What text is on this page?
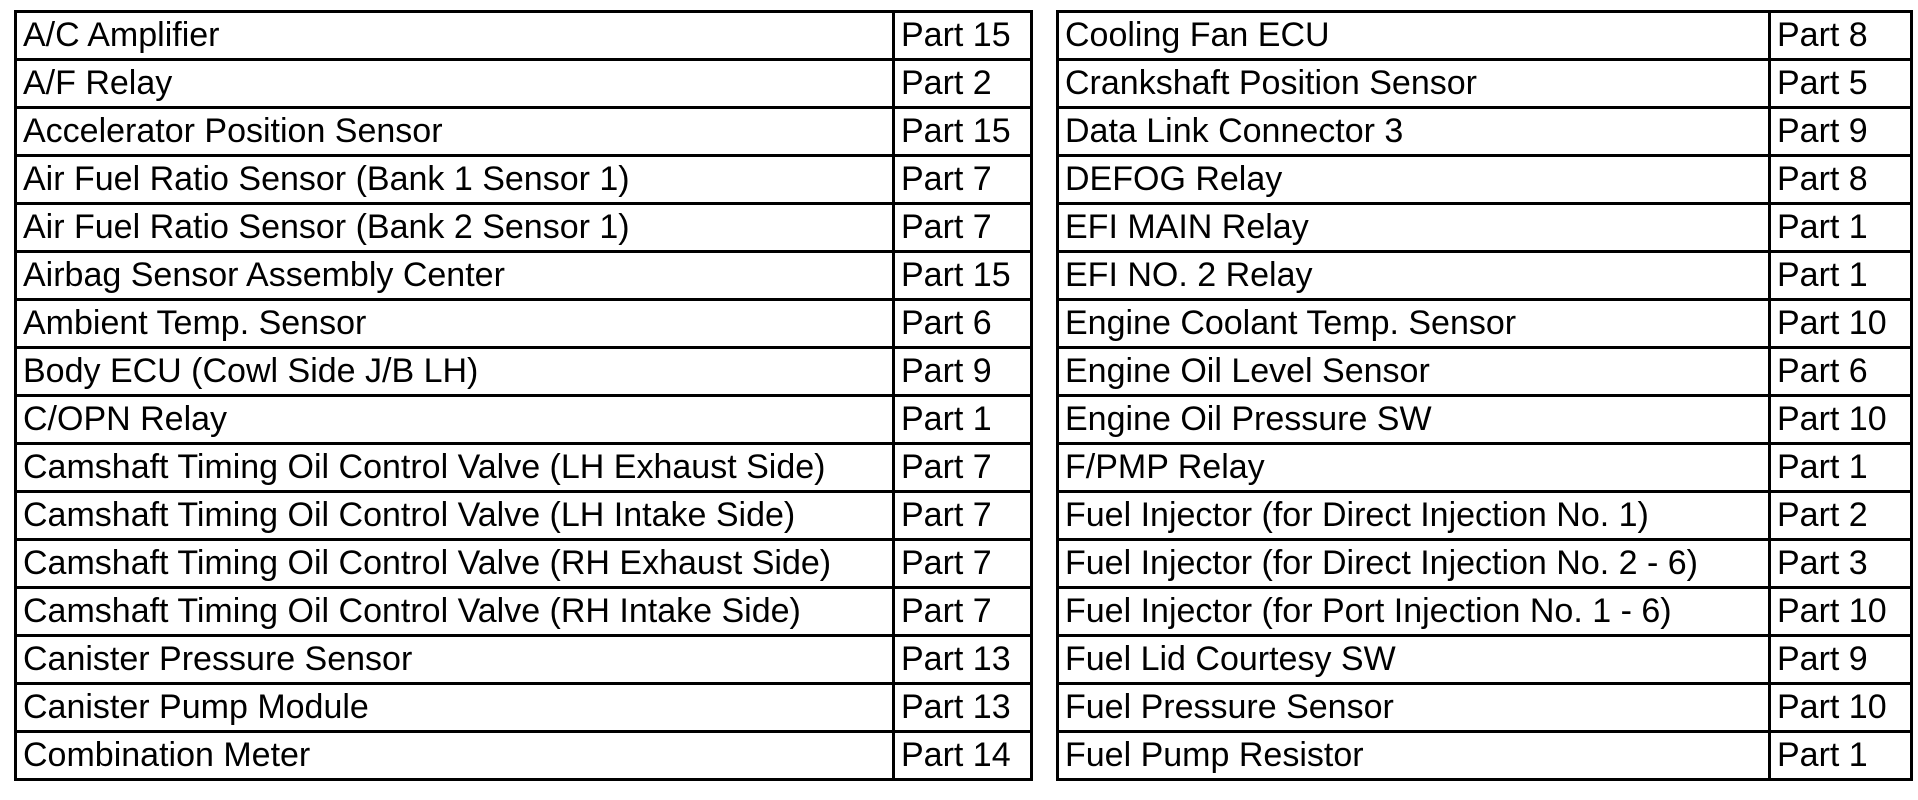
A/C Amplifier	Part 15		Cooling Fan ECU	Part 8
A/F Relay	Part 2		Crankshaft Position Sensor	Part 5
Accelerator Position Sensor	Part 15		Data Link Connector 3	Part 9
Air Fuel Ratio Sensor (Bank 1 Sensor 1)	Part 7		DEFOG Relay	Part 8
Air Fuel Ratio Sensor (Bank 2 Sensor 1)	Part 7		EFI MAIN Relay	Part 1
Airbag Sensor Assembly Center	Part 15		EFI NO. 2 Relay	Part 1
Ambient Temp. Sensor	Part 6		Engine Coolant Temp. Sensor	Part 10
Body ECU (Cowl Side J/B LH)	Part 9		Engine Oil Level Sensor	Part 6
C/OPN Relay	Part 1		Engine Oil Pressure SW	Part 10
Camshaft Timing Oil Control Valve (LH Exhaust Side)	Part 7		F/PMP Relay	Part 1
Camshaft Timing Oil Control Valve (LH Intake Side)	Part 7		Fuel Injector (for Direct Injection No. 1)	Part 2
Camshaft Timing Oil Control Valve (RH Exhaust Side)	Part 7		Fuel Injector (for Direct Injection No. 2 - 6)	Part 3
Camshaft Timing Oil Control Valve (RH Intake Side)	Part 7		Fuel Injector (for Port Injection No. 1 - 6)	Part 10
Canister Pressure Sensor	Part 13		Fuel Lid Courtesy SW	Part 9
Canister Pump Module	Part 13		Fuel Pressure Sensor	Part 10
Combination Meter	Part 14		Fuel Pump Resistor	Part 1
